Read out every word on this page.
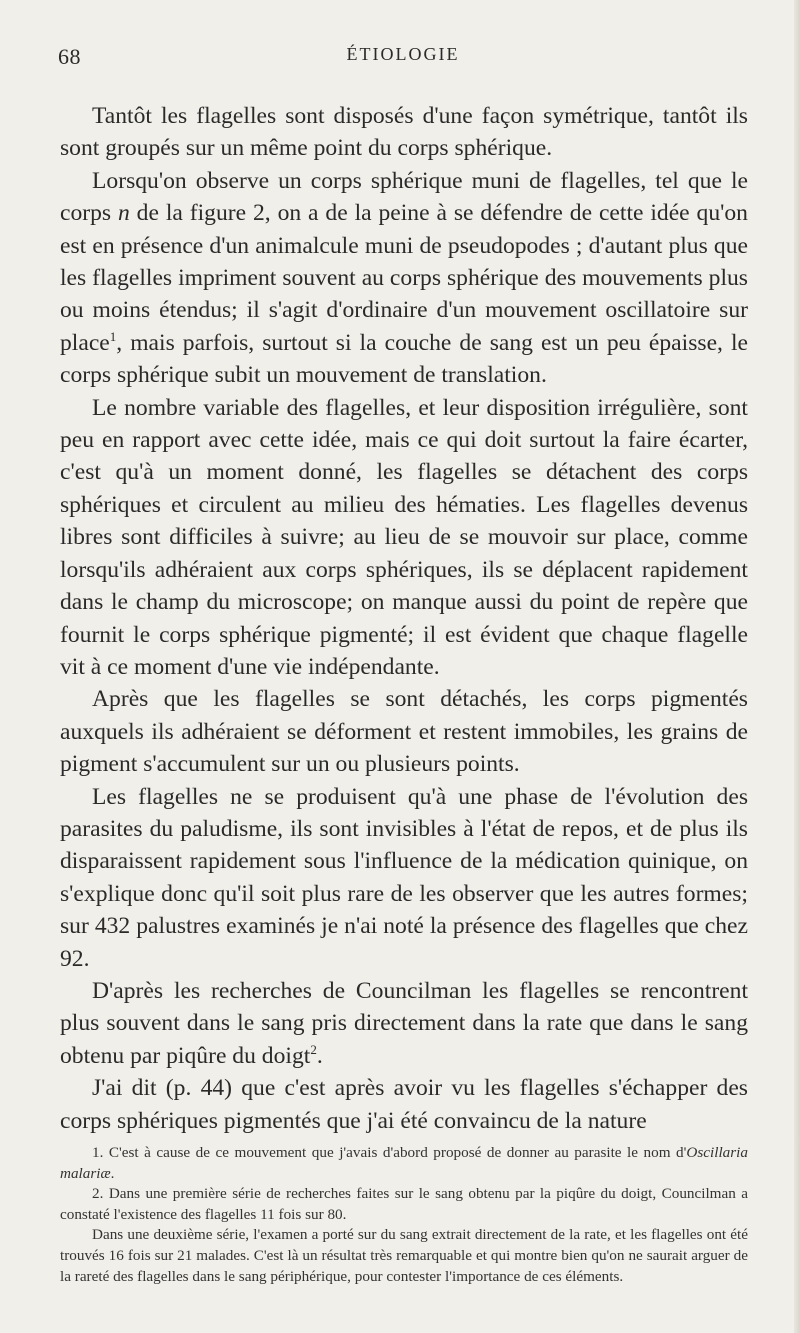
68	ÉTIOLOGIE

Tantôt les flagelles sont disposés d'une façon symétrique, tantôt ils sont groupés sur un même point du corps sphérique.

Lorsqu'on observe un corps sphérique muni de flagelles, tel que le corps n de la figure 2, on a de la peine à se défendre de cette idée qu'on est en présence d'un animalcule muni de pseudopodes ; d'autant plus que les flagelles impriment souvent au corps sphérique des mouvements plus ou moins étendus; il s'agit d'ordinaire d'un mouvement oscillatoire sur place$^1$, mais parfois, surtout si la couche de sang est un peu épaisse, le corps sphérique subit un mouvement de translation.

Le nombre variable des flagelles, et leur disposition irrégulière, sont peu en rapport avec cette idée, mais ce qui doit surtout la faire écarter, c'est qu'à un moment donné, les flagelles se détachent des corps sphériques et circulent au milieu des hématies. Les flagelles devenus libres sont difficiles à suivre; au lieu de se mouvoir sur place, comme lorsqu'ils adhéraient aux corps sphériques, ils se déplacent rapidement dans le champ du microscope; on manque aussi du point de repère que fournit le corps sphérique pigmenté; il est évident que chaque flagelle vit à ce moment d'une vie indépendante.

Après que les flagelles se sont détachés, les corps pigmentés auxquels ils adhéraient se déforment et restent immobiles, les grains de pigment s'accumulent sur un ou plusieurs points.

Les flagelles ne se produisent qu'à une phase de l'évolution des parasites du paludisme, ils sont invisibles à l'état de repos, et de plus ils disparaissent rapidement sous l'influence de la médication quinique, on s'explique donc qu'il soit plus rare de les observer que les autres formes; sur 432 palustres examinés je n'ai noté la présence des flagelles que chez 92.

D'après les recherches de Councilman les flagelles se rencontrent plus souvent dans le sang pris directement dans la rate que dans le sang obtenu par piqûre du doigt$^2$.

J'ai dit (p. 44) que c'est après avoir vu les flagelles s'échapper des corps sphériques pigmentés que j'ai été convaincu de la nature

1. C'est à cause de ce mouvement que j'avais d'abord proposé de donner au parasite le nom d'Oscillaria malariæ.

2. Dans une première série de recherches faites sur le sang obtenu par la piqûre du doigt, Councilman a constaté l'existence des flagelles 11 fois sur 80.

Dans une deuxième série, l'examen a porté sur du sang extrait directement de la rate, et les flagelles ont été trouvés 16 fois sur 21 malades. C'est là un résultat très remarquable et qui montre bien qu'on ne saurait arguer de la rareté des flagelles dans le sang périphérique, pour contester l'importance de ces éléments.
